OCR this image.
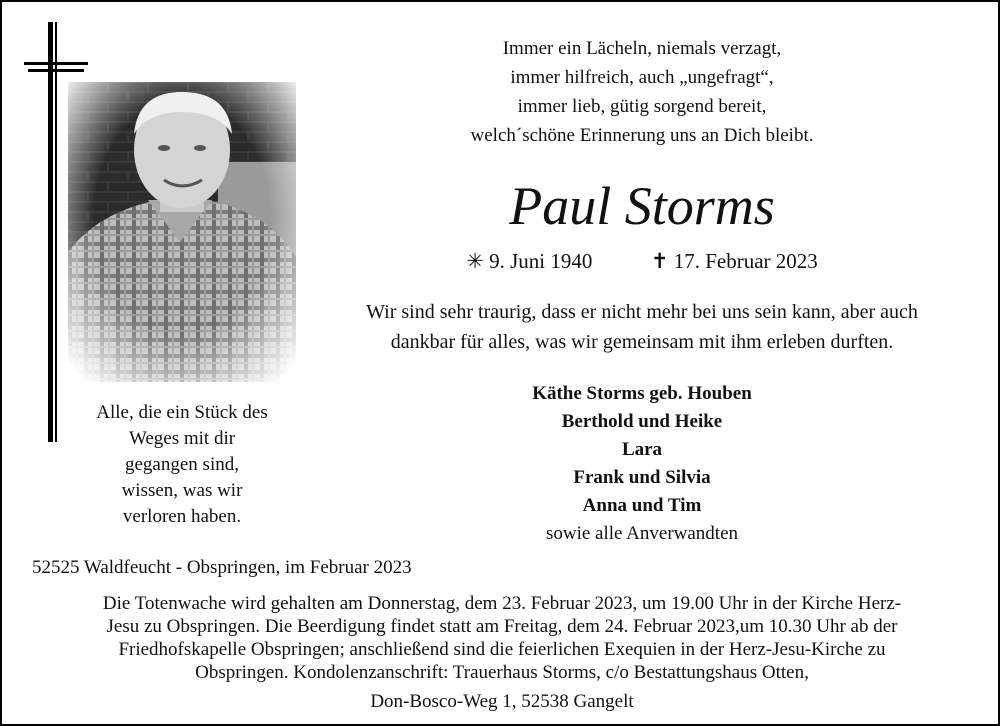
Alle, die ein Stück des
Weges mit dir
gegangen sind,
wissen, was wir
verloren haben.
Immer ein Lächeln, niemals verzagt,
immer hilfreich, auch „ungefragt“,
immer lieb, gütig sorgend bereit,
welch´schöne Erinnerung uns an Dich bleibt.
Paul Storms
✳ 9. Juni 1940	✝ 17. Februar 2023
Wir sind sehr traurig, dass er nicht mehr bei uns sein kann, aber auch
dankbar für alles, was wir gemeinsam mit ihm erleben durften.
Käthe Storms geb. Houben
Berthold und Heike
Lara
Frank und Silvia
Anna und Tim
sowie alle Anverwandten
52525 Waldfeucht - Obspringen, im Februar 2023
Die Totenwache wird gehalten am Donnerstag, dem 23. Februar 2023, um 19.00 Uhr in der Kirche Herz-
Jesu zu Obspringen. Die Beerdigung findet statt am Freitag, dem 24. Februar 2023,um 10.30 Uhr ab der
Friedhofskapelle Obspringen; anschließend sind die feierlichen Exequien in der Herz-Jesu-Kirche zu
Obspringen. Kondolenzanschrift: Trauerhaus Storms, c/o Bestattungshaus Otten,
Don-Bosco-Weg 1, 52538 Gangelt
